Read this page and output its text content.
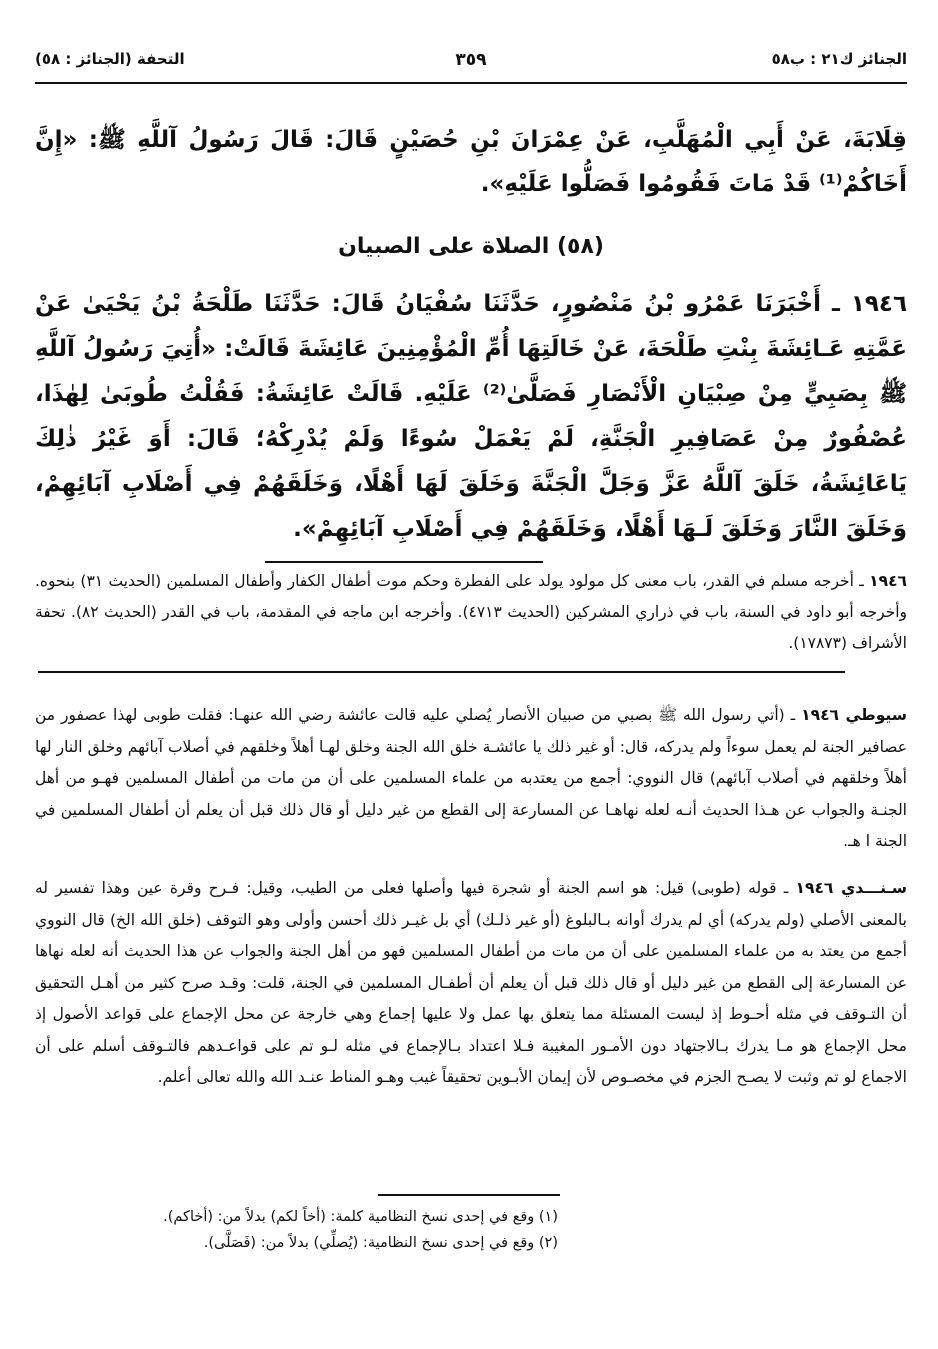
الجنائز ك٢١ : ب٥٨
٣٥٩
التحفة (الجنائز : ٥٨)
قِلَابَةَ، عَنْ أَبِي الْمُهَلَّبِ، عَنْ عِمْرَانَ بْنِ حُصَيْنٍ قَالَ: قَالَ رَسُولُ آللَّهِ ﷺ: «إِنَّ أَخَاكُمْ⁽¹⁾ قَدْ مَاتَ فَقُومُوا فَصَلُّوا عَلَيْهِ».
(٥٨) الصلاة على الصبيان
١٩٤٦ ـ أَخْبَرَنَا عَمْرُو بْنُ مَنْصُورٍ، حَدَّثَنَا سُفْيَانُ قَالَ: حَدَّثَنَا طَلْحَةُ بْنُ يَحْيَىٰ عَنْ عَمَّتِهِ عَـائِشَةَ بِنْتِ طَلْحَةَ، عَنْ خَالَتِهَا أُمِّ الْمُؤْمِنِينَ عَائِشَةَ قَالَتْ: «أُتِيَ رَسُولُ آللَّهِ ﷺ بِصَبِيٍّ مِنْ صِبْيَانِ الْأَنْصَارِ فَصَلَّىٰ⁽²⁾ عَلَيْهِ. قَالَتْ عَائِشَةُ: فَقُلْتُ طُوبَىٰ لِهٰذَا، عُصْفُورٌ مِنْ عَصَافِيرِ الْجَنَّةِ، لَمْ يَعْمَلْ سُوءًا وَلَمْ يُدْرِكْهُ؛ قَالَ: أَوَ غَيْرُ ذٰلِكَ يَاعَائِشَةُ، خَلَقَ آللَّهُ عَزَّ وَجَلَّ الْجَنَّةَ وَخَلَقَ لَهَا أَهْلًا، وَخَلَقَهُمْ فِي أَصْلَابِ آبَائِهِمْ، وَخَلَقَ النَّارَ وَخَلَقَ لَـهَا أَهْلًا، وَخَلَقَهُمْ فِي أَصْلَابِ آبَائِهِمْ».
١٩٤٦ ـ أخرجه مسلم في القدر، باب معنى كل مولود يولد على الفطرة وحكم موت أطفال الكفار وأطفال المسلمين (الحديث ٣١) بنحوه. وأخرجه أبو داود في السنة، باب في ذراري المشركين (الحديث ٤٧١٣). وأخرجه ابن ماجه في المقدمة، باب في القدر (الحديث ٨٢). تحفة الأشراف (١٧٨٧٣).
سيوطي ١٩٤٦ ـ (أتي رسول الله ﷺ بصبي من صبيان الأنصار يُصلي عليه قالت عائشة رضي الله عنهـا: فقلت طوبى لهذا عصفور من عصافير الجنة لم يعمل سوءاً ولم يدركه، قال: أو غير ذلك يا عائشـة خلق الله الجنة وخلق لهـا أهلاً وخلقهم في أصلاب آبائهم وخلق النار لها أهلاً وخلقهم في أصلاب آبائهم) قال النووي: أجمع من يعتدبه من علماء المسلمين على أن من مات من أطفال المسلمين فهـو من أهل الجنـة والجواب عن هـذا الحديث أنـه لعله نهاهـا عن المسارعة إلى القطع من غير دليل أو قال ذلك قبل أن يعلم أن أطفال المسلمين في الجنة ا هـ.
سـنـــدي ١٩٤٦ ـ قوله (طوبى) قيل: هو اسم الجنة أو شجرة فيها وأصلها فعلى من الطيب، وقيل: فـرح وقرة عين وهذا تفسير له بالمعنى الأصلي (ولم يدركه) أي لم يدرك أوانه بـالبلوغ (أو غير ذلـك) أي بل غيـر ذلك أحسن وأولى وهو التوقف (خلق الله الخ) قال النووي أجمع من يعتد به من علماء المسلمين على أن من مات من أطفال المسلمين فهو من أهل الجنة والجواب عن هذا الحديث أنه لعله نهاها عن المسارعة إلى القطع من غير دليل أو قال ذلك قبل أن يعلم أن أطفـال المسلمين في الجنة، قلت: وقـد صرح كثير من أهـل التحقيق أن التـوقف في مثله أحـوط إذ ليست المسئلة مما يتعلق بها عمل ولا عليها إجماع وهي خارجة عن محل الإجماع على قواعد الأصول إذ محل الإجماع هو مـا يدرك بـالاجتهاد دون الأمـور المغيبة فـلا اعتداد بـالإجماع في مثله لـو تم على قواعـدهم فالتـوقف أسلم على أن الاجماع لو تم وثبت لا يصـح الجزم في مخصـوص لأن إيمان الأبـوين تحقيقاً غيب وهـو المناط عنـد الله والله تعالى أعلم.
(١) وقع في إحدى نسخ النظامية كلمة: (أخاً لكم) بدلاً من: (أخاكم).
(٢) وقع في إحدى نسخ النظامية: (يُصلِّي) بدلاً من: (فَصَلَّى).
